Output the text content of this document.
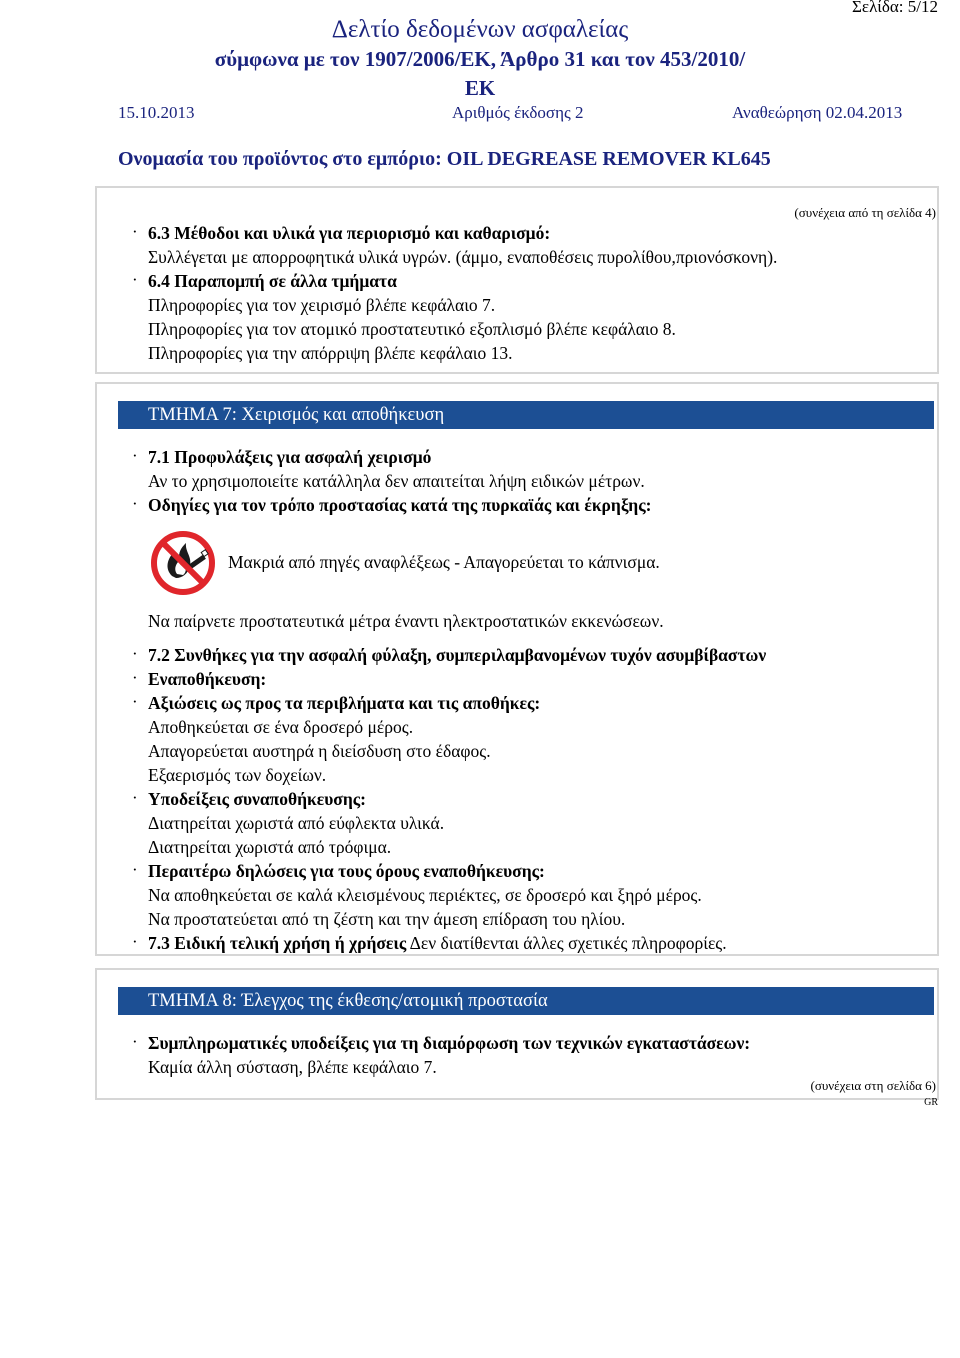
Σελίδα: 5/12
Δελτίο δεδομένων ασφαλείας
σύμφωνα με τον 1907/2006/ΕΚ, Άρθρο 31 και τον 453/2010/
ΕΚ
15.10.2013	Αριθμός έκδοσης 2	Αναθεώρηση 02.04.2013
Ονομασία του προϊόντος στο εμπόριο: OIL DEGREASE REMOVER KL645
(συνέχεια από τη σελίδα 4)
· 6.3 Μέθοδοι και υλικά για περιορισμό και καθαρισμό:
Συλλέγεται με απορροφητικά υλικά υγρών. (άμμο, εναποθέσεις πυρολίθου,πριονόσκονη).
· 6.4 Παραπομπή σε άλλα τμήματα
Πληροφορίες για τον χειρισμό βλέπε κεφάλαιο 7.
Πληροφορίες για τον ατομικό προστατευτικό εξοπλισμό βλέπε κεφάλαιο 8.
Πληροφορίες για την απόρριψη βλέπε κεφάλαιο 13.
ΤΜΗΜΑ 7: Χειρισμός και αποθήκευση
· 7.1 Προφυλάξεις για ασφαλή χειρισμό
Αν το χρησιμοποιείτε κατάλληλα δεν απαιτείται λήψη ειδικών μέτρων.
· Οδηγίες για τον τρόπο προστασίας κατά της πυρκαϊάς και έκρηξης:
Μακριά από πηγές αναφλέξεως - Απαγορεύεται το κάπνισμα.
Να παίρνετε προστατευτικά μέτρα έναντι ηλεκτροστατικών εκκενώσεων.
· 7.2 Συνθήκες για την ασφαλή φύλαξη, συμπεριλαμβανομένων τυχόν ασυμβίβαστων
· Εναποθήκευση:
· Αξιώσεις ως προς τα περιβλήματα και τις αποθήκες:
Αποθηκεύεται σε ένα δροσερό μέρος.
Απαγορεύεται αυστηρά η διείσδυση στο έδαφος.
Εξαερισμός των δοχείων.
· Υποδείξεις συναποθήκευσης:
Διατηρείται χωριστά από εύφλεκτα υλικά.
Διατηρείται χωριστά από τρόφιμα.
· Περαιτέρω δηλώσεις για τους όρους εναποθήκευσης:
Να αποθηκεύεται σε καλά κλεισμένους περιέκτες, σε δροσερό και ξηρό μέρος.
Να προστατεύεται από τη ζέστη και την άμεση επίδραση του ηλίου.
· 7.3 Ειδική τελική χρήση ή χρήσεις Δεν διατίθενται άλλες σχετικές πληροφορίες.
ΤΜΗΜΑ 8: Έλεγχος της έκθεσης/ατομική προστασία
· Συμπληρωματικές υποδείξεις για τη διαμόρφωση των τεχνικών εγκαταστάσεων:
Καμία άλλη σύσταση, βλέπε κεφάλαιο 7.
(συνέχεια στη σελίδα 6)
GR
